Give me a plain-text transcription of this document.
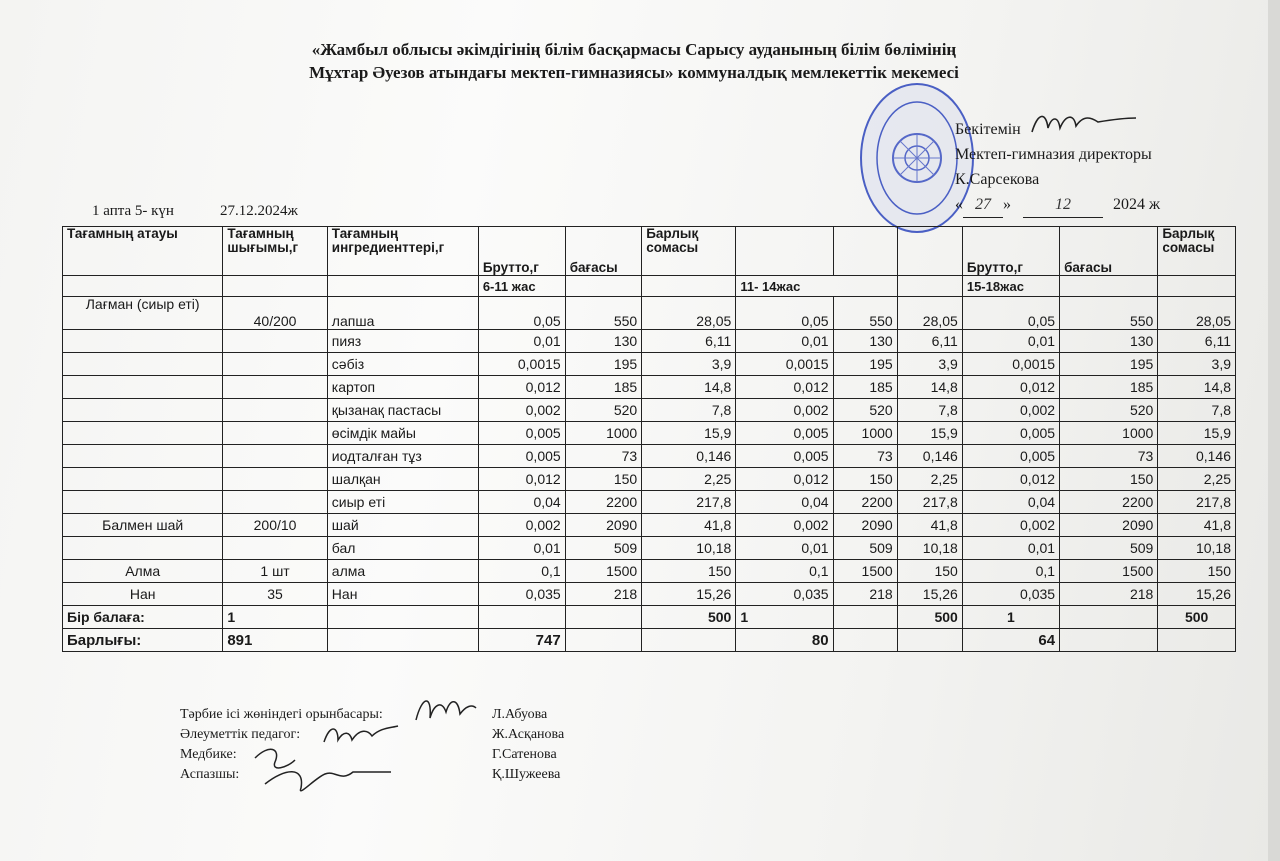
«Жамбыл облысы әкімдігінің білім басқармасы Сарысу ауданының білім бөлімінің
Мұхтар Әуезов атындағы мектеп-гимназиясы» коммуналдық мемлекеттік мекемесі
Бекітемін
Мектеп-гимназия директоры
К.Сарсекова
« 27 »	12	2024 ж
1 апта 5- күн	27.12.2024ж
Тағамның атауы	Тағамның шығымы,г	Тағамның ингредиенттері,г	Брутто,г	бағасы	Барлық сомасы				Брутто,г	бағасы	Барлық сомасы
			6-11 жас			11- 14жас			15-18жас		
Лағман (сиыр еті)	40/200	лапша	0,05	550	28,05	0,05	550	28,05	0,05	550	28,05
		пияз	0,01	130	6,11	0,01	130	6,11	0,01	130	6,11
		сәбіз	0,0015	195	3,9	0,0015	195	3,9	0,0015	195	3,9
		картоп	0,012	185	14,8	0,012	185	14,8	0,012	185	14,8
		қызанақ пастасы	0,002	520	7,8	0,002	520	7,8	0,002	520	7,8
		өсімдік майы	0,005	1000	15,9	0,005	1000	15,9	0,005	1000	15,9
		иодталған тұз	0,005	73	0,146	0,005	73	0,146	0,005	73	0,146
		шалқан	0,012	150	2,25	0,012	150	2,25	0,012	150	2,25
		сиыр еті	0,04	2200	217,8	0,04	2200	217,8	0,04	2200	217,8
Балмен шай	200/10	шай	0,002	2090	41,8	0,002	2090	41,8	0,002	2090	41,8
		бал	0,01	509	10,18	0,01	509	10,18	0,01	509	10,18
Алма	1 шт	алма	0,1	1500	150	0,1	1500	150	0,1	1500	150
Нан	35	Нан	0,035	218	15,26	0,035	218	15,26	0,035	218	15,26
Бір балаға:	1				500	1		500	1		500
Барлығы:	891		747			80			64		
Тәрбие ісі жөніндегі орынбасары:	Л.Абуова
Әлеуметтік педагог:	Ж.Асқанова
Медбике:	Г.Сатенова
Аспазшы:	Қ.Шужеева
